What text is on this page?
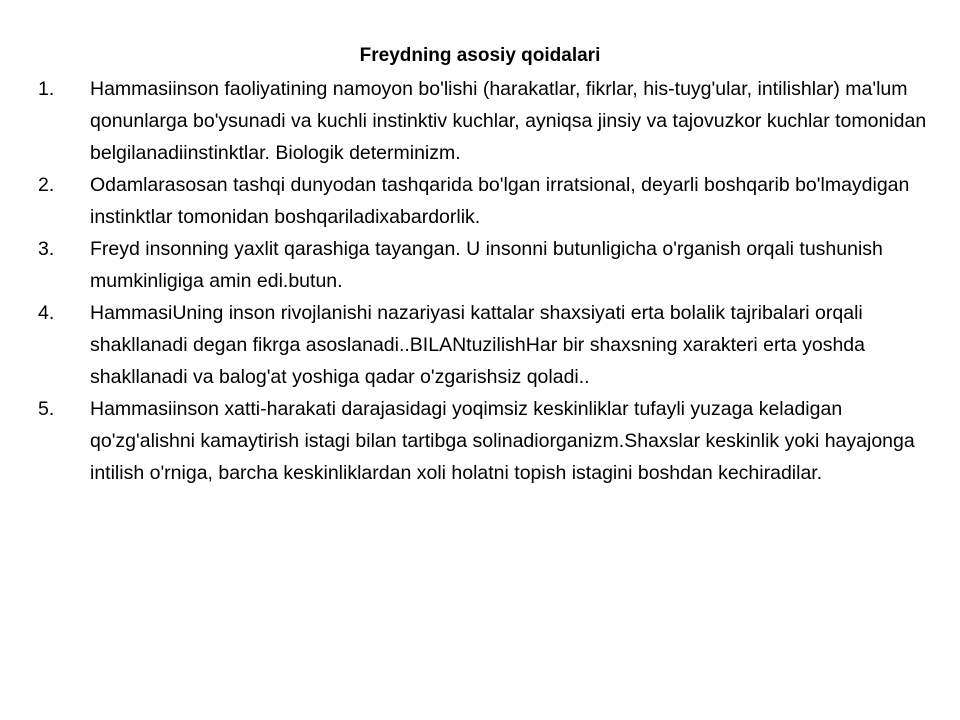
Freydning asosiy qoidalari
1.	Hammasiinson faoliyatining namoyon bo'lishi (harakatlar, fikrlar, his-tuyg'ular, intilishlar) ma'lum qonunlarga bo'ysunadi va kuchli instinktiv kuchlar, ayniqsa jinsiy va tajovuzkor kuchlar tomonidan belgilanadiinstinktlar. Biologik determinizm.
2.	Odamlarasosan tashqi dunyodan tashqarida bo'lgan irratsional, deyarli boshqarib bo'lmaydigan instinktlar tomonidan boshqariladixabardorlik.
3.	Freyd insonning yaxlit qarashiga tayangan. U insonni butunligicha o'rganish orqali tushunish mumkinligiga amin edi.butun.
4.	HammasiUning inson rivojlanishi nazariyasi kattalar shaxsiyati erta bolalik tajribalari orqali shakllanadi degan fikrga asoslanadi..BILANtuzilishHar bir shaxsning xarakteri erta yoshda shakllanadi va balog'at yoshiga qadar o'zgarishsiz qoladi..
5.	Hammasiinson xatti-harakati darajasidagi yoqimsiz keskinliklar tufayli yuzaga keladigan qo'zg'alishni kamaytirish istagi bilan tartibga solinadiorganizm.Shaxslar keskinlik yoki hayajonga intilish o'rniga, barcha keskinliklardan xoli holatni topish istagini boshdan kechiradilar.
